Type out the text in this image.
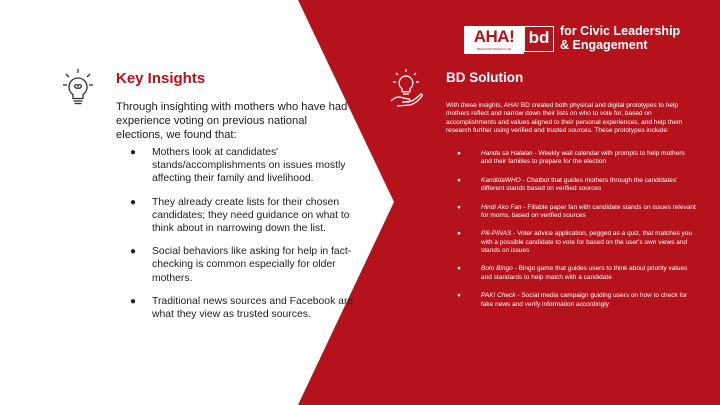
Key Insights
Through insighting with mothers who have had experience voting on previous national elections, we found that:
● Mothers look at candidates' stands/accomplishments on issues mostly affecting their family and livelihood.
● They already create lists for their chosen candidates; they need guidance on what to think about in narrowing down the list.
● Social behaviors like asking for help in fact-checking is common especially for older mothers.
● Traditional news sources and Facebook are what they view as trusted sources.
AHA!
BEHAVIOR DESIGN LAB
bd for Civic Leadership
& Engagement
BD Solution
With these insights, AHA! BD created both physical and digital prototypes to help mothers reflect and narrow down their lists on who to vote for, based on accomplishments and values aligned to their personal experiences, and help them research further using verified and trusted sources. These prototypes include:
●	Handa sa Halalan - Weekly wall calendar with prompts to help mothers and their families to prepare for the election
●	KandidaWHO - Chatbot that guides mothers through the candidates' different stands based on verified sources
●	Hindi Ako Fan - Fillable paper fan with candidate stands on issues relevant for moms, based on verified sources
●	Pili-PINAS - Voter advice application, pegged as a quiz, that matches you with a possible candidate to vote for based on the user's own views and stands on issues
●	Boto Bingo - Bingo game that guides users to think about priority values and standards to help match with a candidate
●	PAK! Check - Social media campaign guiding users on how to check for fake news and verify information accordingly
